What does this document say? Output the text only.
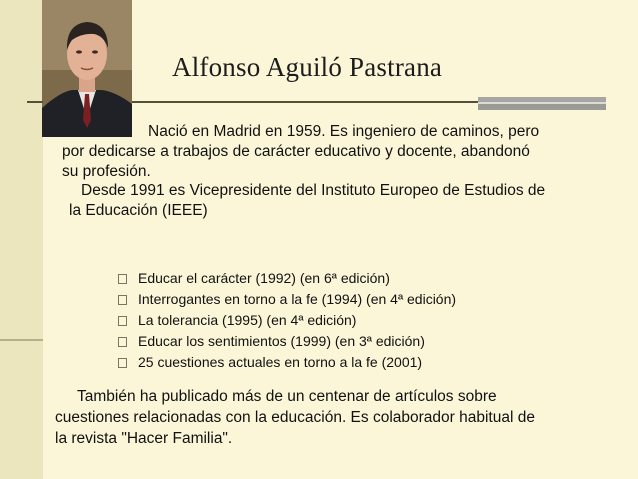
Alfonso Aguiló Pastrana
Nació en Madrid en 1959. Es ingeniero de caminos, pero
por dedicarse a trabajos de carácter educativo y docente, abandonó
su profesión.
Desde 1991 es Vicepresidente del Instituto Europeo de Estudios de
la Educación (IEEE)
Educar el carácter (1992) (en 6ª edición)
Interrogantes en torno a la fe (1994) (en 4ª edición)
La tolerancia (1995) (en 4ª edición)
Educar los sentimientos (1999) (en 3ª edición)
25 cuestiones actuales en torno a la fe (2001)
También ha publicado más de un centenar de artículos sobre
cuestiones relacionadas con la educación. Es colaborador habitual de
la revista "Hacer Familia".
